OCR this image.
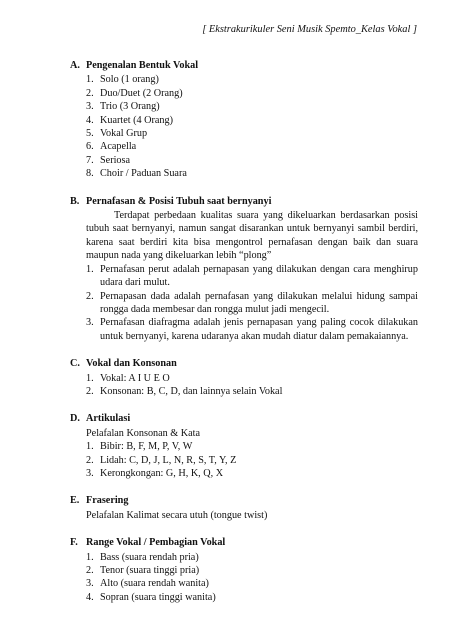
[ Ekstrakurikuler Seni Musik Spemto_Kelas Vokal ]
A. Pengenalan Bentuk Vokal
1. Solo (1 orang)
2. Duo/Duet (2 Orang)
3. Trio (3 Orang)
4. Kuartet (4 Orang)
5. Vokal Grup
6. Acapella
7. Seriosa
8. Choir / Paduan Suara
B. Pernafasan & Posisi Tubuh saat bernyanyi
Terdapat perbedaan kualitas suara yang dikeluarkan berdasarkan posisi tubuh saat bernyanyi, namun sangat disarankan untuk bernyanyi sambil berdiri, karena saat berdiri kita bisa mengontrol pernafasan dengan baik dan suara maupun nada yang dikeluarkan lebih “plong”
1. Pernafasan perut adalah pernapasan yang dilakukan dengan cara menghirup udara dari mulut.
2. Pernapasan dada adalah pernafasan yang dilakukan melalui hidung sampai rongga dada membesar dan rongga mulut jadi mengecil.
3. Pernafasan diafragma adalah jenis pernapasan yang paling cocok dilakukan untuk bernyanyi, karena udaranya akan mudah diatur dalam pemakaiannya.
C. Vokal dan Konsonan
1. Vokal: A I U E O
2. Konsonan: B, C, D, dan lainnya selain Vokal
D. Artikulasi
Pelafalan Konsonan & Kata
1. Bibir: B, F, M, P, V, W
2. Lidah: C, D, J, L, N, R, S, T, Y, Z
3. Kerongkongan: G, H, K, Q, X
E. Frasering
Pelafalan Kalimat secara utuh (tongue twist)
F. Range Vokal / Pembagian Vokal
1. Bass (suara rendah pria)
2. Tenor (suara tinggi pria)
3. Alto (suara rendah wanita)
4. Sopran (suara tinggi wanita)
